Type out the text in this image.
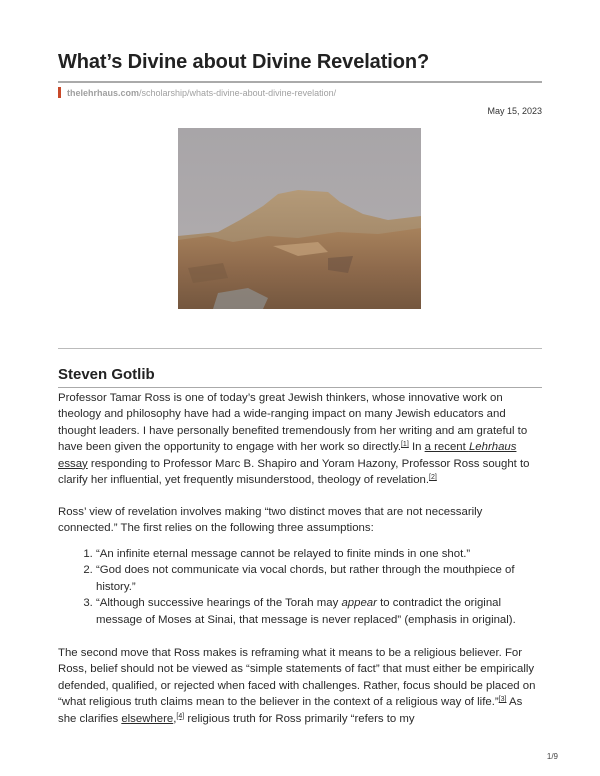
What’s Divine about Divine Revelation?
thelehrhaus.com /scholarship/whats-divine-about-divine-revelation/
May 15, 2023
Steven Gotlib

Professor Tamar Ross is one of today’s great Jewish thinkers, whose innovative work on theology and philosophy have had a wide-ranging impact on many Jewish educators and thought leaders. I have personally benefited tremendously from her writing and am grateful to have been given the opportunity to engage with her work so directly.[1] In a recent Lehrhaus essay responding to Professor Marc B. Shapiro and Yoram Hazony, Professor Ross sought to clarify her influential, yet frequently misunderstood, theology of revelation.[2]

Ross’ view of revelation involves making “two distinct moves that are not necessarily connected.” The first relies on the following three assumptions:

1. “An infinite eternal message cannot be relayed to finite minds in one shot.”
2. “God does not communicate via vocal chords, but rather through the mouthpiece of history.”
3. “Although successive hearings of the Torah may appear to contradict the original message of Moses at Sinai, that message is never replaced” (emphasis in original).

The second move that Ross makes is reframing what it means to be a religious believer. For Ross, belief should not be viewed as “simple statements of fact” that must either be empirically defended, qualified, or rejected when faced with challenges. Rather, focus should be placed on “what religious truth claims mean to the believer in the context of a religious way of life.”[3] As she clarifies elsewhere,[4] religious truth for Ross primarily “refers to my

1/9
